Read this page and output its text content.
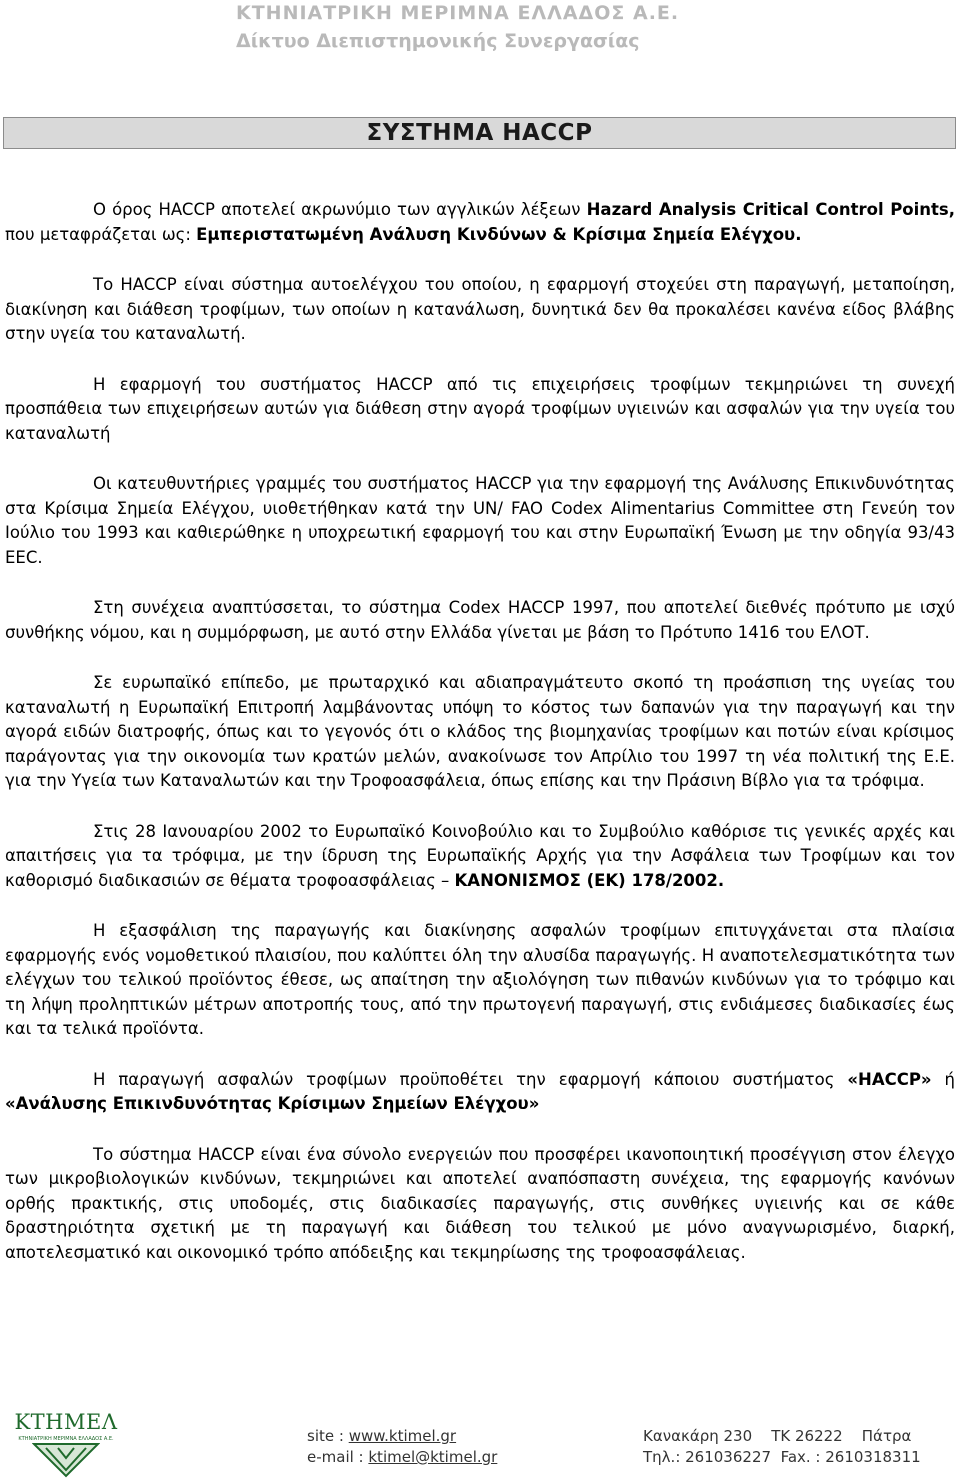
ΚΤΗΝΙΑΤΡΙΚΗ ΜΕΡΙΜΝΑ ΕΛΛΑΔΟΣ Α.Ε.
Δίκτυο Διεπιστημονικής Συνεργασίας
ΣΥΣΤΗΜΑ HACCP

Ο όρος HACCP αποτελεί ακρωνύμιο των αγγλικών λέξεων Hazard Analysis Critical Control Points, που μεταφράζεται ως: Εμπεριστατωμένη Ανάλυση Κινδύνων & Κρίσιμα Σημεία Ελέγχου.

Το HACCP είναι σύστημα αυτοελέγχου του οποίου, η εφαρμογή στοχεύει στη παραγωγή, μεταποίηση, διακίνηση και διάθεση τροφίμων, των οποίων η κατανάλωση, δυνητικά δεν θα προκαλέσει κανένα είδος βλάβης στην υγεία του καταναλωτή.

Η εφαρμογή του συστήματος HACCP από τις επιχειρήσεις τροφίμων τεκμηριώνει τη συνεχή προσπάθεια των επιχειρήσεων αυτών για διάθεση στην αγορά τροφίμων υγιεινών και ασφαλών για την υγεία του καταναλωτή

Οι κατευθυντήριες γραμμές του συστήματος HACCP για την εφαρμογή της Ανάλυσης Επικινδυνότητας στα Κρίσιμα Σημεία Ελέγχου, υιοθετήθηκαν κατά την UN/ FAO Codex Alimentarius Committee στη Γενεύη τον Ιούλιο του 1993 και καθιερώθηκε η υποχρεωτική εφαρμογή του και στην Ευρωπαϊκή Ένωση με την οδηγία 93/43 ΕΕC.

Στη συνέχεια αναπτύσσεται, το σύστημα Codex HACCP 1997, που αποτελεί διεθνές πρότυπο με ισχύ συνθήκης νόμου, και η συμμόρφωση, με αυτό στην Ελλάδα γίνεται με βάση το Πρότυπο 1416 του ΕΛΟΤ.

Σε ευρωπαϊκό επίπεδο, με πρωταρχικό και αδιαπραγμάτευτο σκοπό τη προάσπιση της υγείας του καταναλωτή η Ευρωπαϊκή Επιτροπή λαμβάνοντας υπόψη το κόστος των δαπανών για την παραγωγή και την αγορά ειδών διατροφής, όπως και το γεγονός ότι ο κλάδος της βιομηχανίας τροφίμων και ποτών είναι κρίσιμος παράγοντας για την οικονομία των κρατών μελών, ανακοίνωσε τον Απρίλιο του 1997 τη νέα πολιτική της Ε.Ε. για την Υγεία των Καταναλωτών και την Τροφοασφάλεια, όπως επίσης και την Πράσινη Βίβλο για τα τρόφιμα.

Στις 28 Ιανουαρίου 2002 το Ευρωπαϊκό Κοινοβούλιο και το Συμβούλιο καθόρισε τις γενικές αρχές και απαιτήσεις για τα τρόφιμα, με την ίδρυση της Ευρωπαϊκής Αρχής για την Ασφάλεια των Τροφίμων και τον καθορισμό διαδικασιών σε θέματα τροφοασφάλειας – ΚΑΝΟΝΙΣΜΟΣ (ΕΚ) 178/2002.

Η εξασφάλιση της παραγωγής και διακίνησης ασφαλών τροφίμων επιτυγχάνεται στα πλαίσια εφαρμογής ενός νομοθετικού πλαισίου, που καλύπτει όλη την αλυσίδα παραγωγής. Η αναποτελεσματικότητα των ελέγχων του τελικού προϊόντος έθεσε, ως απαίτηση την αξιολόγηση των πιθανών κινδύνων για το τρόφιμο και τη λήψη προληπτικών μέτρων αποτροπής τους, από την πρωτογενή παραγωγή, στις ενδιάμεσες διαδικασίες έως και τα τελικά προϊόντα.

Η παραγωγή ασφαλών τροφίμων προϋποθέτει την εφαρμογή κάποιου συστήματος «HACCP» ή «Ανάλυσης Επικινδυνότητας Κρίσιμων Σημείων Ελέγχου»

Το σύστημα HACCP είναι ένα σύνολο ενεργειών που προσφέρει ικανοποιητική προσέγγιση στον έλεγχο των μικροβιολογικών κινδύνων, τεκμηριώνει και αποτελεί αναπόσπαστη συνέχεια, της εφαρμογής κανόνων ορθής πρακτικής, στις υποδομές, στις διαδικασίες παραγωγής, στις συνθήκες υγιεινής και σε κάθε δραστηριότητα σχετική με τη παραγωγή και διάθεση του τελικού με μόνο αναγνωρισμένο, διαρκή, αποτελεσματικό και οικονομικό τρόπο απόδειξης και τεκμηρίωσης της τροφοασφάλειας.

ΚΤΗΜΕΛ
ΚΤΗΝΙΑΤΡΙΚΗ ΜΕΡΙΜΝΑ ΕΛΛΑΔΟΣ Α.Ε.	site : www.ktimel.gr
e-mail : ktimel@ktimel.gr
Κανακάρη 230    ΤΚ 26222    Πάτρα
Τηλ.: 261036227  Fax. : 2610318311
